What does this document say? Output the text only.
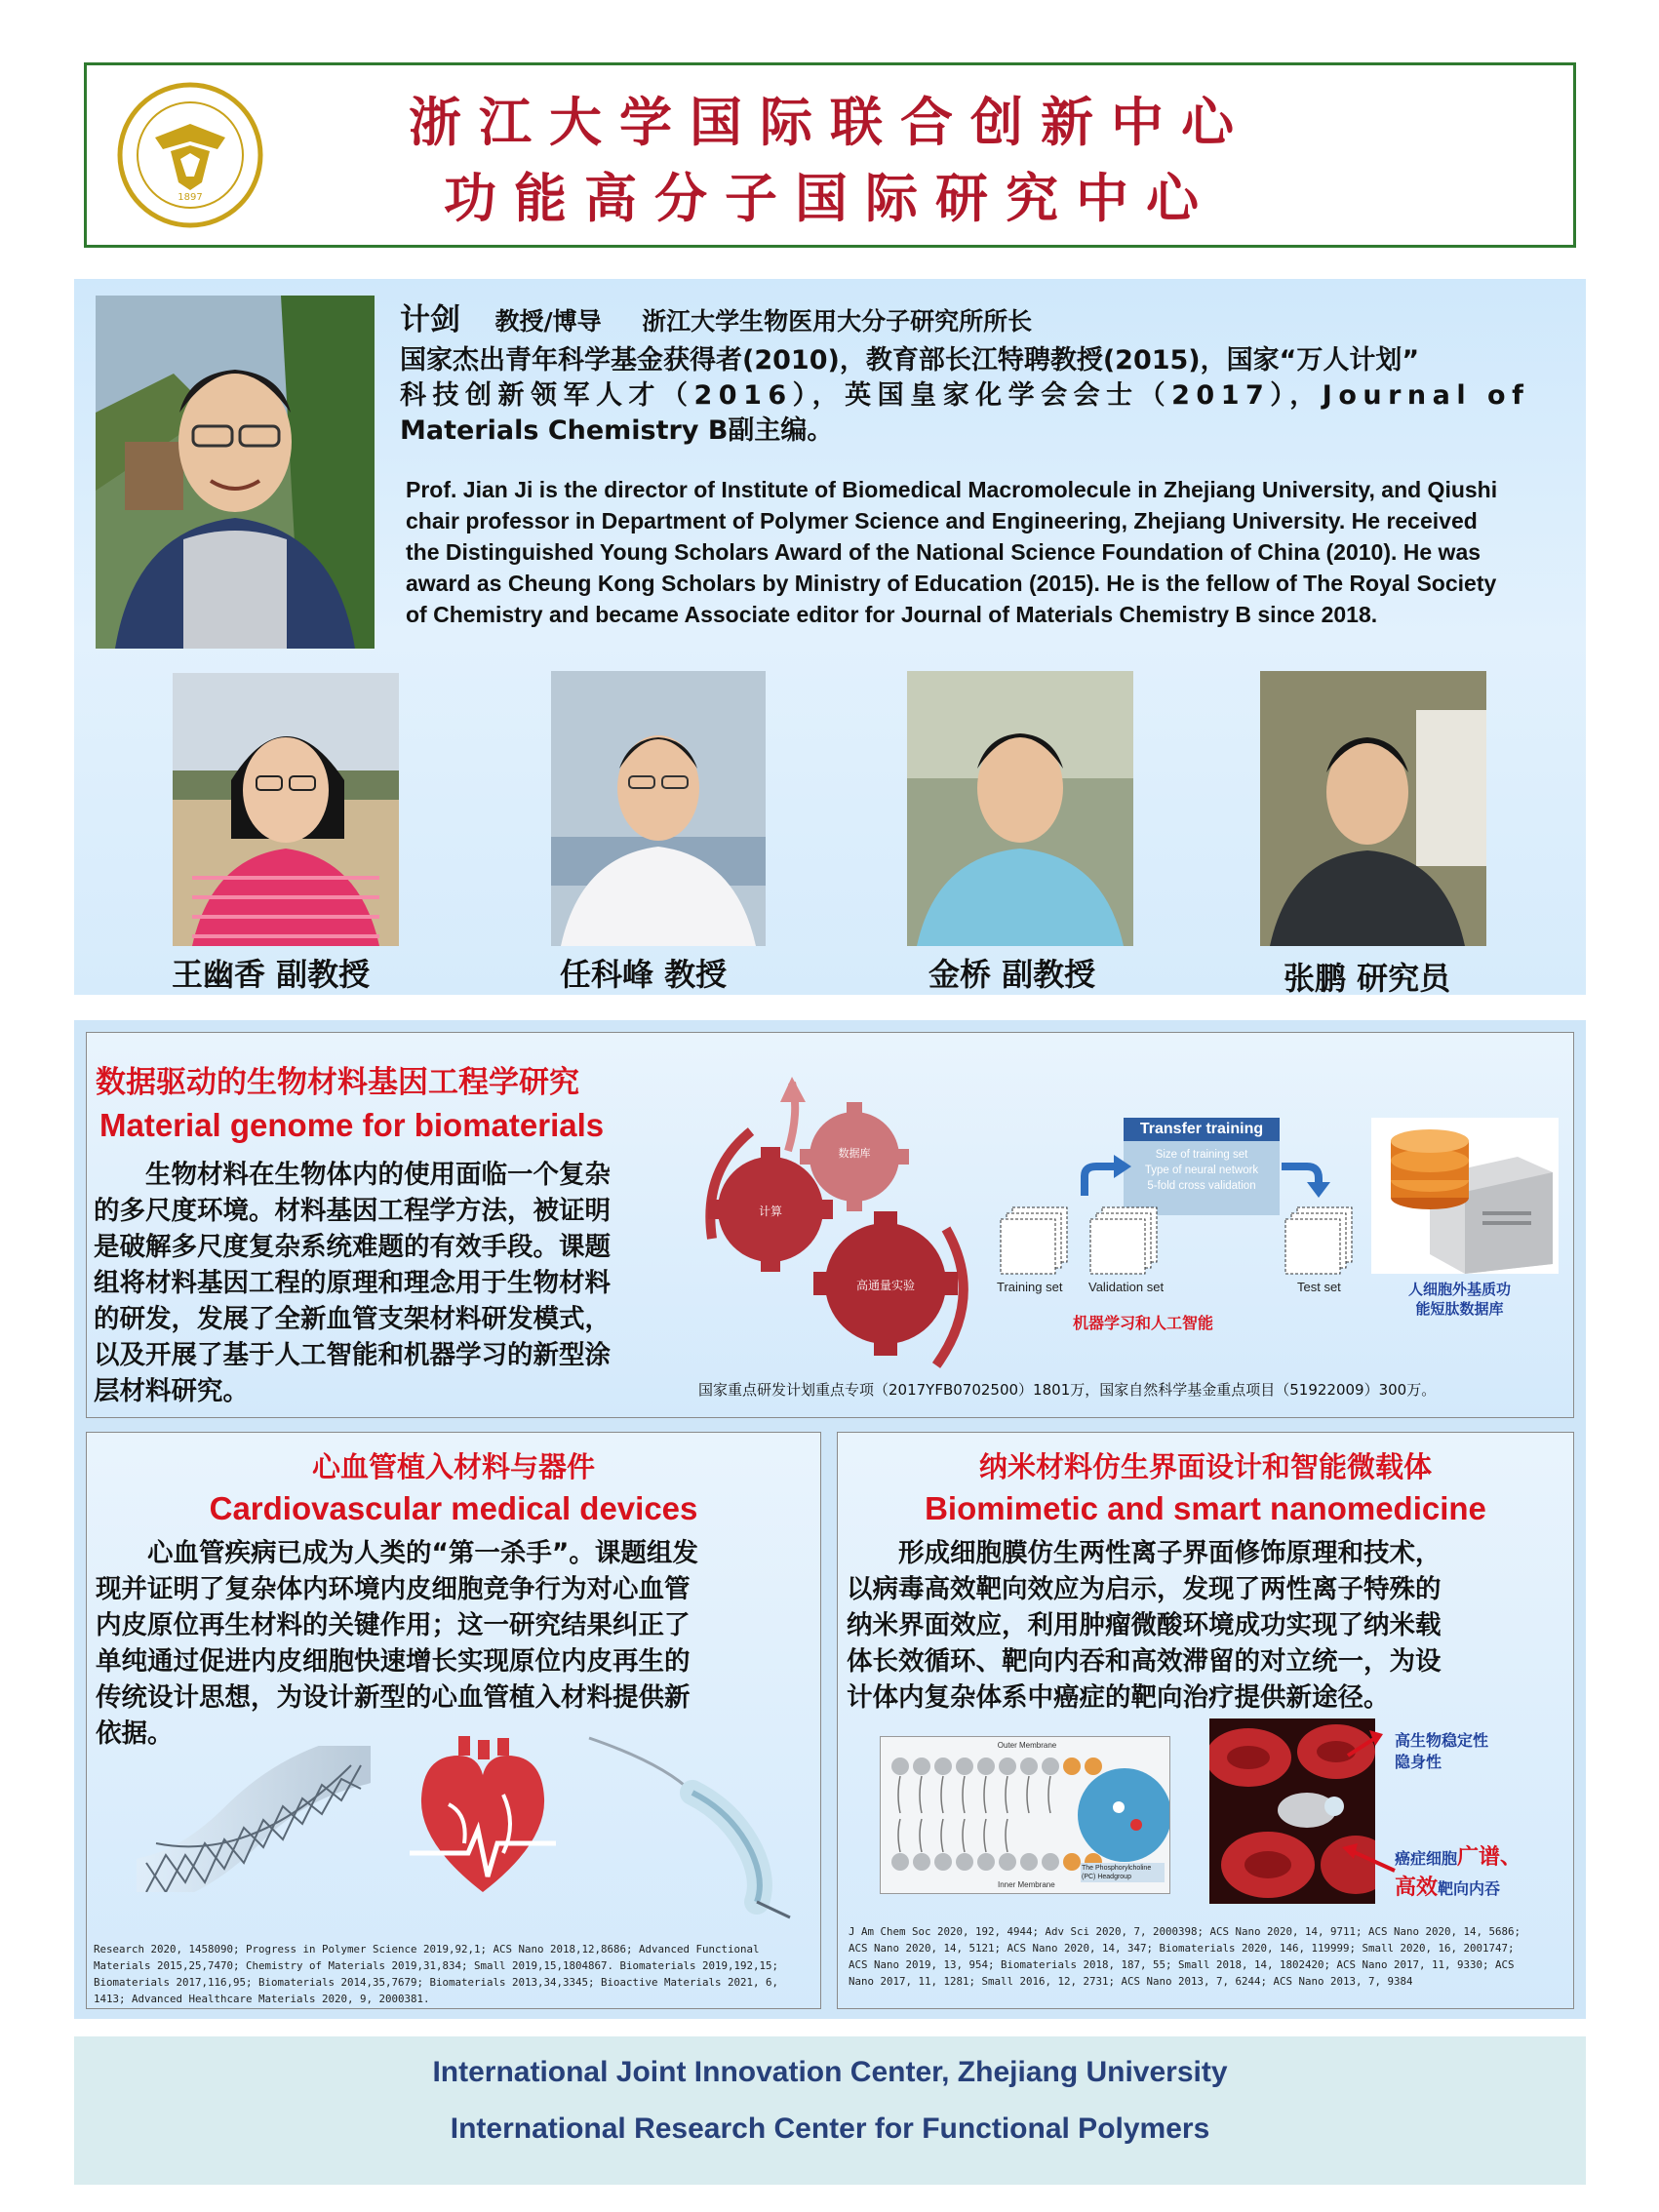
1897
浙江大学国际联合创新中心
功能高分子国际研究中心
计剑 教授/博导 浙江大学生物医用大分子研究所所长
国家杰出青年科学基金获得者(2010)，教育部长江特聘教授(2015)，国家“万人计划”
科技创新领军人才（2016），英国皇家化学会会士（2017），Journal of
Materials Chemistry B副主编。
Prof. Jian Ji is the director of Institute of Biomedical Macromolecule in Zhejiang University, and Qiushi
chair professor in Department of Polymer Science and Engineering, Zhejiang University. He received
the Distinguished Young Scholars Award of the National Science Foundation of China (2010). He was
award as Cheung Kong Scholars by Ministry of Education (2015). He is the fellow of The Royal Society
of Chemistry and became Associate editor for Journal of Materials Chemistry B since 2018.
王幽香 副教授	任科峰 教授	金桥 副教授	张鹏 研究员
数据驱动的生物材料基因工程学研究
Material genome for biomaterials
　　生物材料在生物体内的使用面临一个复杂
的多尺度环境。材料基因工程学方法，被证明
是破解多尺度复杂系统难题的有效手段。课题
组将材料基因工程的原理和理念用于生物材料
的研发，发展了全新血管支架材料研发模式，
以及开展了基于人工智能和机器学习的新型涂
层材料研究。
计算
数据库
高通量实验
Transfer training
Size of training set
Type of neural network
5-fold cross validation
Training set Validation set	Test set
机器学习和人工智能
人细胞外基质功
能短肽数据库
国家重点研发计划重点专项（2017YFB0702500）1801万，国家自然科学基金重点项目（51922009）300万。
心血管植入材料与器件
Cardiovascular medical devices
　　心血管疾病已成为人类的“第一杀手”。课题组发
现并证明了复杂体内环境内皮细胞竞争行为对心血管
内皮原位再生材料的关键作用；这一研究结果纠正了
单纯通过促进内皮细胞快速增长实现原位内皮再生的
传统设计思想，为设计新型的心血管植入材料提供新
依据。
Research 2020, 1458090; Progress in Polymer Science 2019,92,1; ACS Nano 2018,12,8686; Advanced Functional
Materials 2015,25,7470; Chemistry of Materials 2019,31,834; Small 2019,15,1804867. Biomaterials 2019,192,15;
Biomaterials 2017,116,95; Biomaterials 2014,35,7679; Biomaterials 2013,34,3345; Bioactive Materials 2021, 6,
1413; Advanced Healthcare Materials 2020, 9, 2000381.
纳米材料仿生界面设计和智能微载体
Biomimetic and smart nanomedicine
　　形成细胞膜仿生两性离子界面修饰原理和技术，
以病毒高效靶向效应为启示，发现了两性离子特殊的
纳米界面效应，利用肿瘤微酸环境成功实现了纳米载
体长效循环、靶向内吞和高效滞留的对立统一，为设
计体内复杂体系中癌症的靶向治疗提供新途径。
Outer Membrane
Inner Membrane
The Phosphorylcholine (PC) Headgroup
高生物稳定性
隐身性
癌症细胞广谱、
高效靶向内吞
J Am Chem Soc 2020, 192, 4944; Adv Sci 2020, 7, 2000398; ACS Nano 2020, 14, 9711; ACS Nano 2020, 14, 5686;
ACS Nano 2020, 14, 5121; ACS Nano 2020, 14, 347; Biomaterials 2020, 146, 119999; Small 2020, 16, 2001747;
ACS Nano 2019, 13, 954; Biomaterials 2018, 187, 55; Small 2018, 14, 1802420; ACS Nano 2017, 11, 9330; ACS
Nano 2017, 11, 1281; Small 2016, 12, 2731; ACS Nano 2013, 7, 6244; ACS Nano 2013, 7, 9384
International Joint Innovation Center, Zhejiang University
International Research Center for Functional Polymers
